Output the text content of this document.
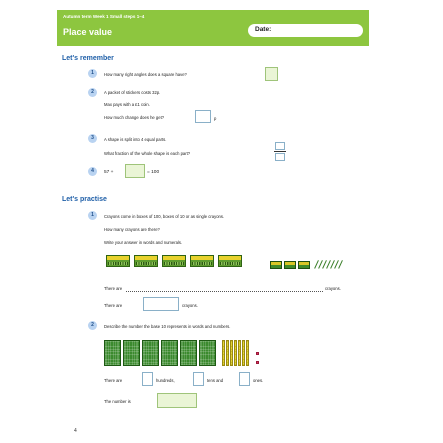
Autumn term Week 1 Small steps 1–4
Place value	Date:
Let's remember
1	How many right angles does a square have?
2	A packet of stickers costs 32p.
Max pays with a £1 coin.
How much change does he get?	p
3	A shape is split into 4 equal parts.
What fraction of the whole shape is each part?
4	57 +	= 100
Let's practise
1	Crayons come in boxes of 100, boxes of 10 or as single crayons.
How many crayons are there?
Write your answer in words and numerals.
There are	crayons.
There are	crayons.
2	Describe the number the base 10 represents in words and numbers.
There are	hundreds,	tens and	ones.
The number is
4
